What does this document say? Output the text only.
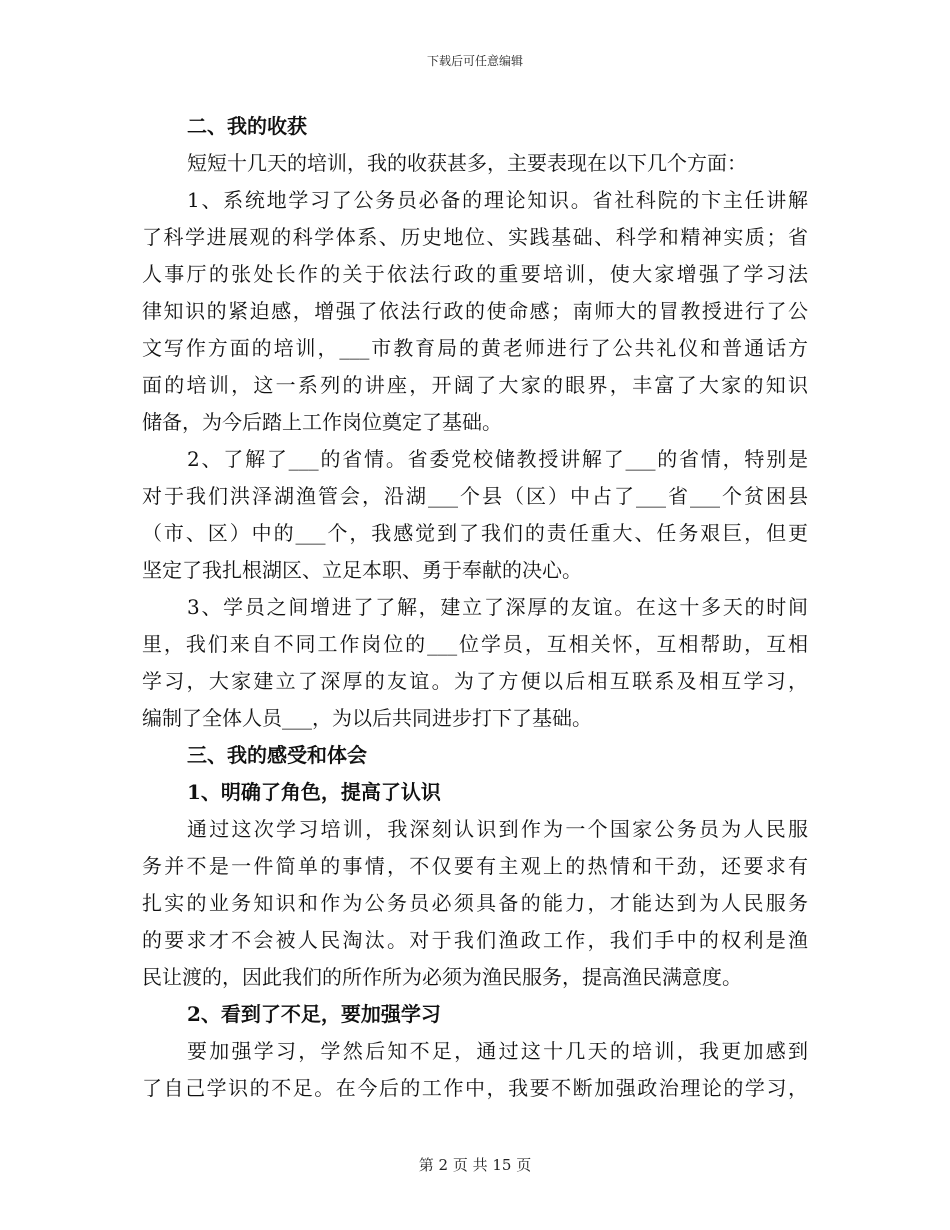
下载后可任意编辑

二、我的收获

短短十几天的培训，我的收获甚多，主要表现在以下几个方面：

1、系统地学习了公务员必备的理论知识。省社科院的卞主任讲解

了科学进展观的科学体系、历史地位、实践基础、科学和精神实质；省

人事厅的张处长作的关于依法行政的重要培训，使大家增强了学习法

律知识的紧迫感，增强了依法行政的使命感；南师大的冒教授进行了公

文写作方面的培训，___市教育局的黄老师进行了公共礼仪和普通话方

面的培训，这一系列的讲座，开阔了大家的眼界，丰富了大家的知识

储备，为今后踏上工作岗位奠定了基础。

2、了解了___的省情。省委党校储教授讲解了___的省情，特别是

对于我们洪泽湖渔管会，沿湖___个县（区）中占了___省___个贫困县

（市、区）中的___个，我感觉到了我们的责任重大、任务艰巨，但更

坚定了我扎根湖区、立足本职、勇于奉献的决心。

3、学员之间增进了了解，建立了深厚的友谊。在这十多天的时间

里，我们来自不同工作岗位的___位学员，互相关怀，互相帮助，互相

学习，大家建立了深厚的友谊。为了方便以后相互联系及相互学习，

编制了全体人员___，为以后共同进步打下了基础。

三、我的感受和体会

1、明确了角色，提高了认识

通过这次学习培训，我深刻认识到作为一个国家公务员为人民服

务并不是一件简单的事情，不仅要有主观上的热情和干劲，还要求有

扎实的业务知识和作为公务员必须具备的能力，才能达到为人民服务

的要求才不会被人民淘汰。对于我们渔政工作，我们手中的权利是渔

民让渡的，因此我们的所作所为必须为渔民服务，提高渔民满意度。

2、看到了不足，要加强学习

要加强学习，学然后知不足，通过这十几天的培训，我更加感到

了自己学识的不足。在今后的工作中，我要不断加强政治理论的学习，

第 2 页 共 15 页
